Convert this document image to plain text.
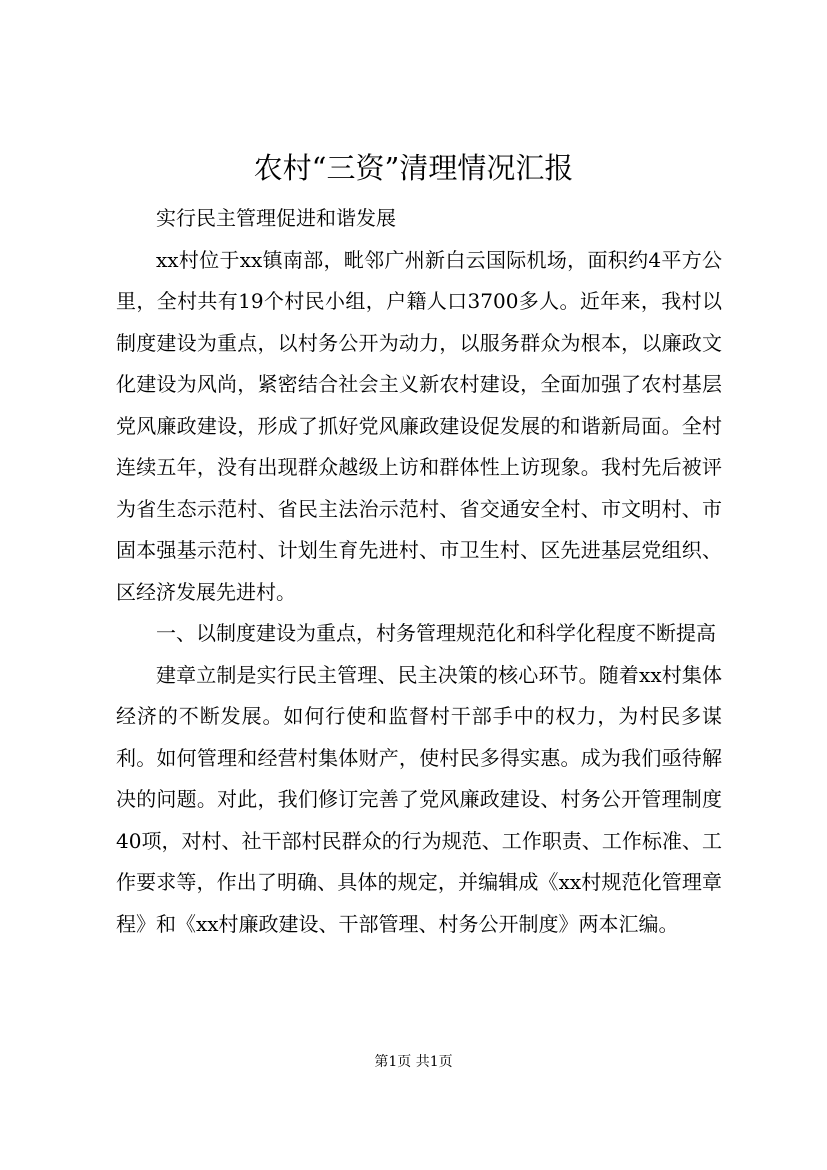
农村“三资”清理情况汇报

实行民主管理促进和谐发展

xx村位于xx镇南部，毗邻广州新白云国际机场，面积约4平方公里，全村共有19个村民小组，户籍人口3700多人。近年来，我村以制度建设为重点，以村务公开为动力，以服务群众为根本，以廉政文化建设为风尚，紧密结合社会主义新农村建设，全面加强了农村基层党风廉政建设，形成了抓好党风廉政建设促发展的和谐新局面。全村连续五年，没有出现群众越级上访和群体性上访现象。我村先后被评为省生态示范村、省民主法治示范村、省交通安全村、市文明村、市固本强基示范村、计划生育先进村、市卫生村、区先进基层党组织、区经济发展先进村。

一、以制度建设为重点，村务管理规范化和科学化程度不断提高

建章立制是实行民主管理、民主决策的核心环节。随着xx村集体经济的不断发展。如何行使和监督村干部手中的权力，为村民多谋利。如何管理和经营村集体财产，使村民多得实惠。成为我们亟待解决的问题。对此，我们修订完善了党风廉政建设、村务公开管理制度40项，对村、社干部村民群众的行为规范、工作职责、工作标准、工作要求等，作出了明确、具体的规定，并编辑成《xx村规范化管理章程》和《xx村廉政建设、干部管理、村务公开制度》两本汇编。

第1页 共1页
